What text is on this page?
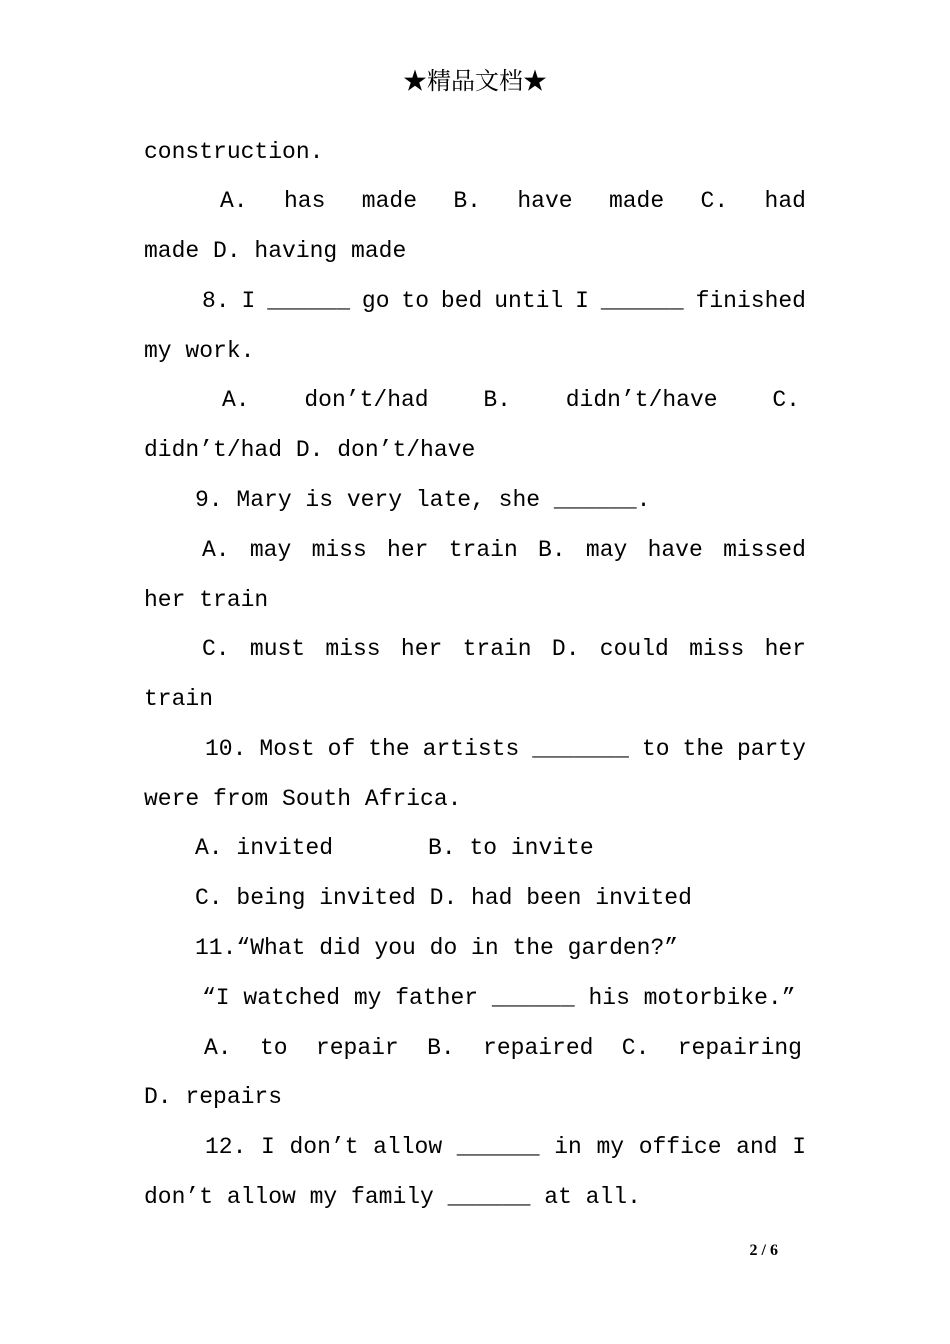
★精品文档★
construction.
A. has made B. have made C. had
made D. having made
8. I ______ go to bed until I ______ finished
my work.
A. don’t/had B. didn’t/have C.
didn’t/had D. don’t/have
9. Mary is very late, she ______.
A. may miss her train B. may have missed
her train
C. must miss her train D. could miss her
train
10. Most of the artists _______ to the party
were from South Africa.
A. invited	B. to invite
C. being invited D. had been invited
11.“What did you do in the garden?”
“I watched my father ______ his motorbike.”
A. to repair B. repaired C. repairing
D. repairs
12. I don’t allow ______ in my office and I
don’t allow my family ______ at all.
2 / 6
